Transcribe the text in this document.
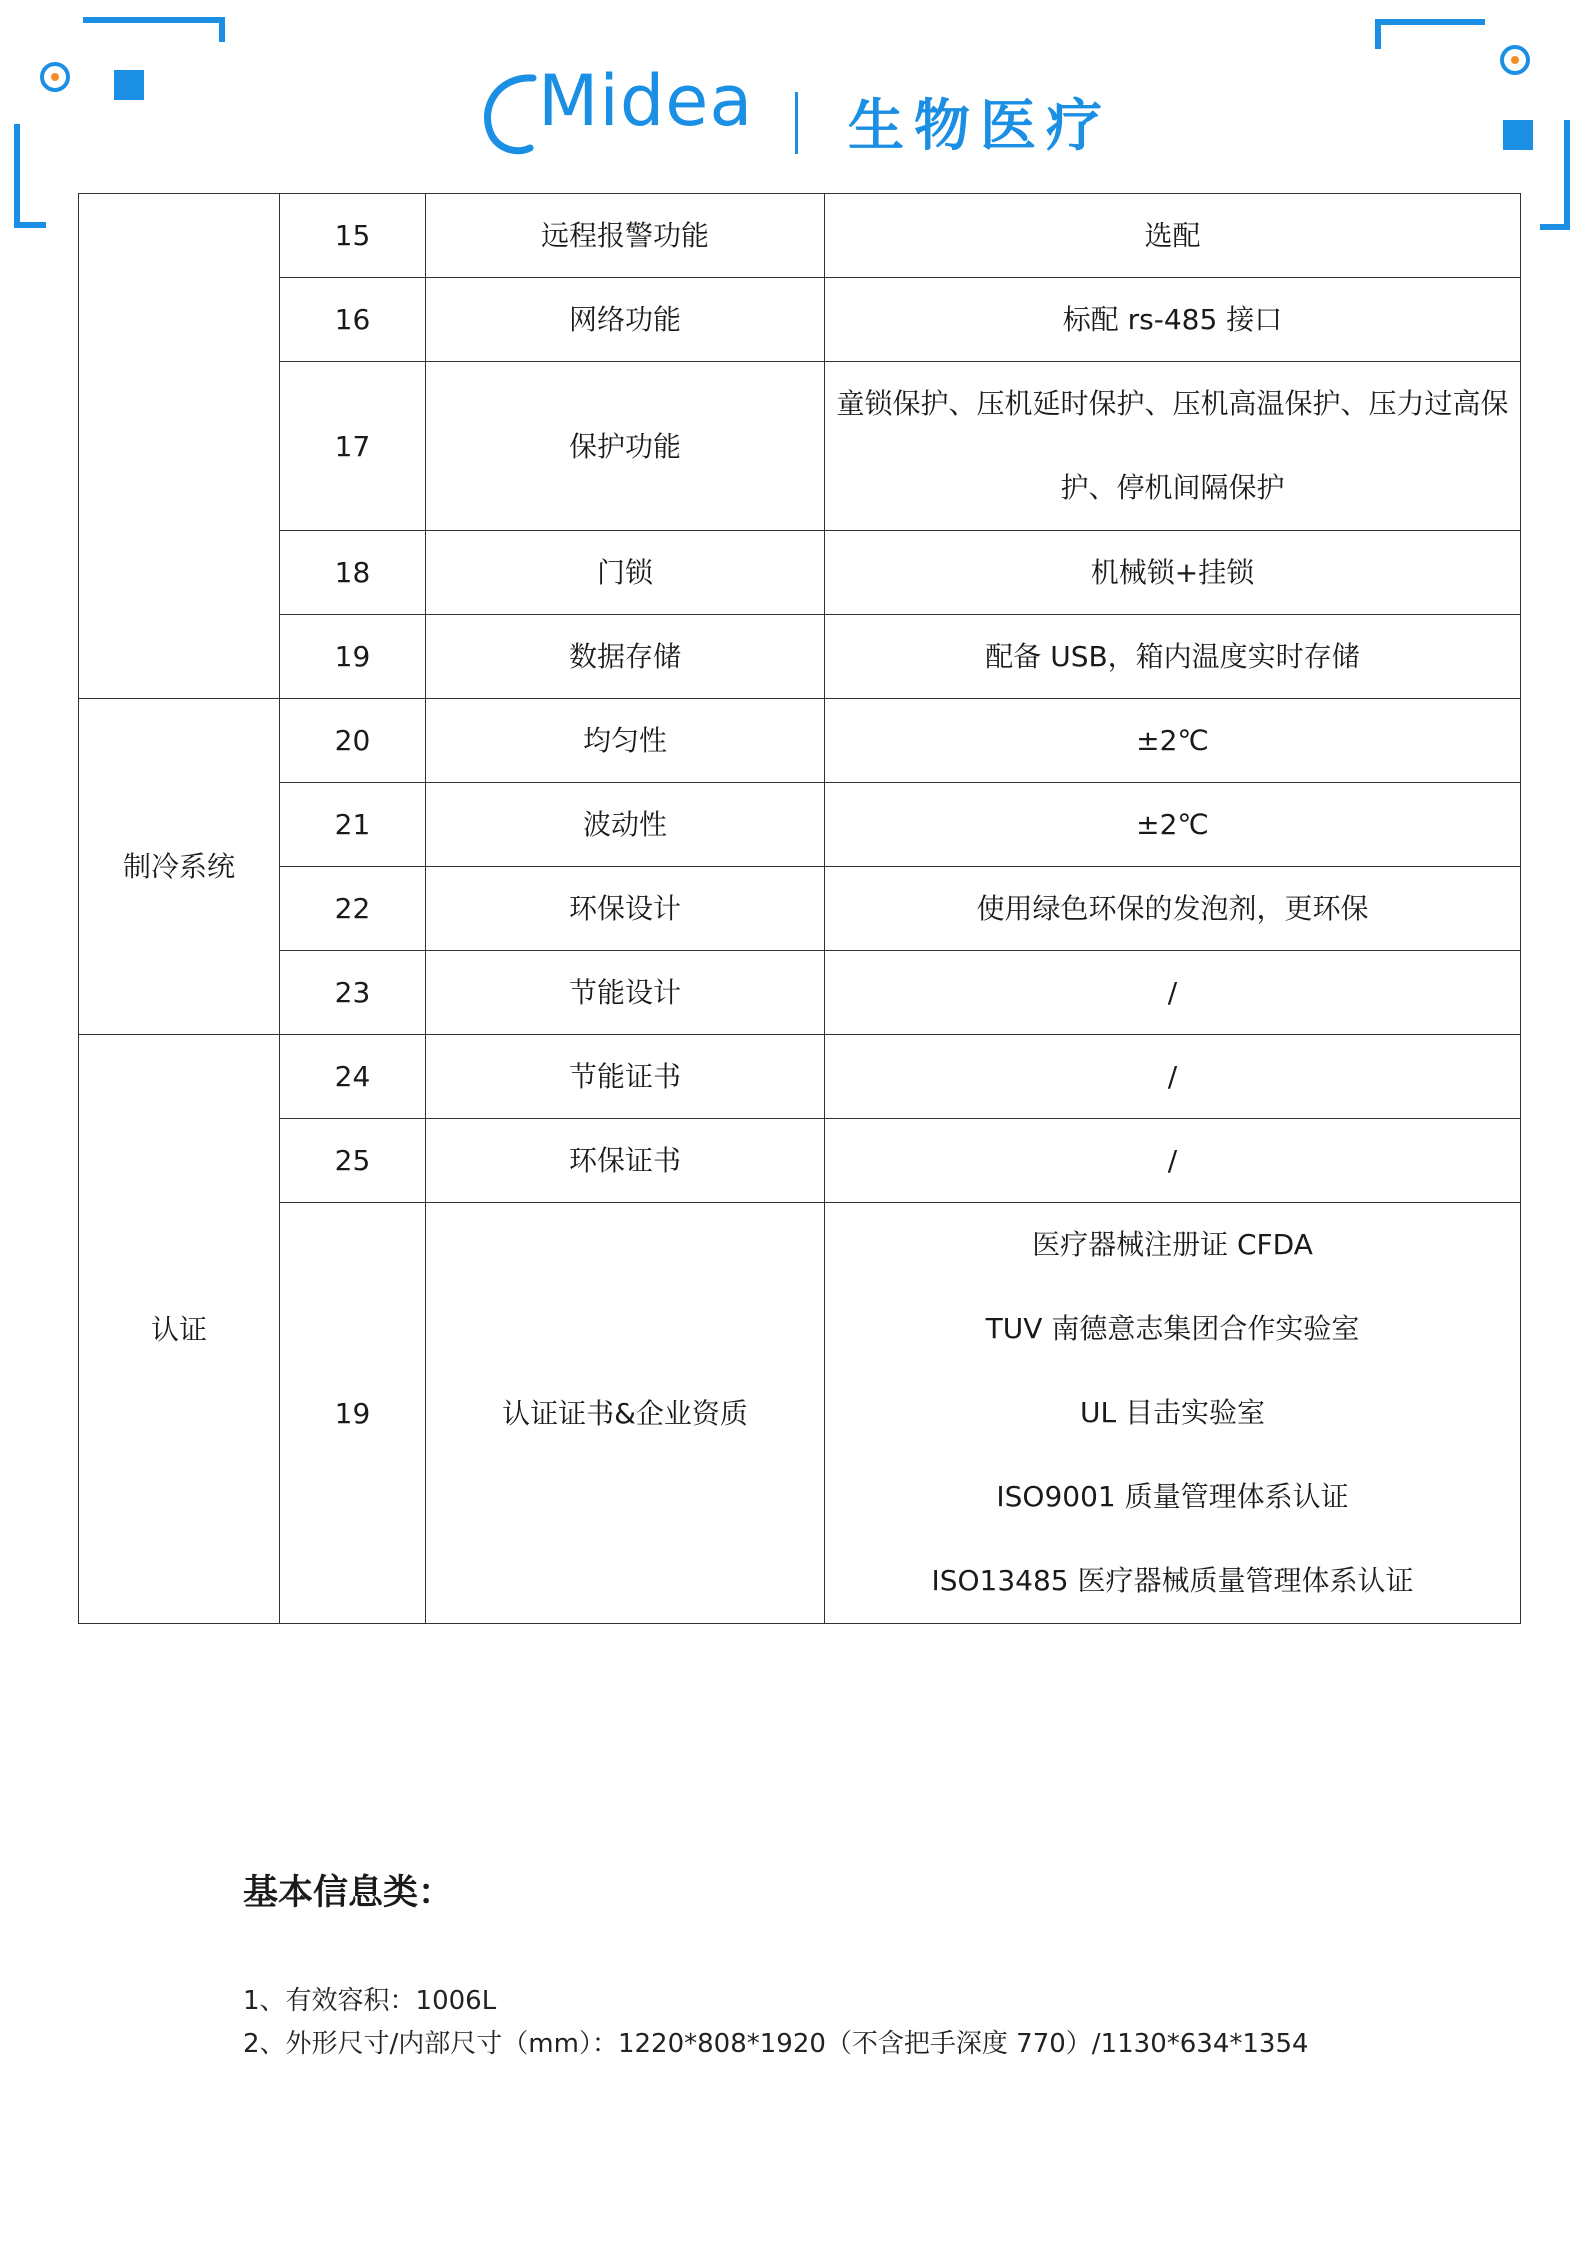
Midea 生物医疗
	15	远程报警功能	选配

	16	网络功能	标配 rs-485 接口

	17	保护功能	童锁保护、压机延时保护、压机高温保护、压力过高保
护、停机间隔保护

	18	门锁	机械锁+挂锁

	19	数据存储	配备 USB，箱内温度实时存储

制冷系统	20	均匀性	±2℃

	21	波动性	±2℃

	22	环保设计	使用绿色环保的发泡剂，更环保

	23	节能设计	/

认证	24	节能证书	/

	25	环保证书	/

	19	认证证书&企业资质	医疗器械注册证 CFDA
TUV 南德意志集团合作实验室
UL 目击实验室
ISO9001 质量管理体系认证
ISO13485 医疗器械质量管理体系认证
基本信息类：
1、有效容积：1006L
2、外形尺寸/内部尺寸（mm）：1220*808*1920（不含把手深度 770）/1130*634*1354
